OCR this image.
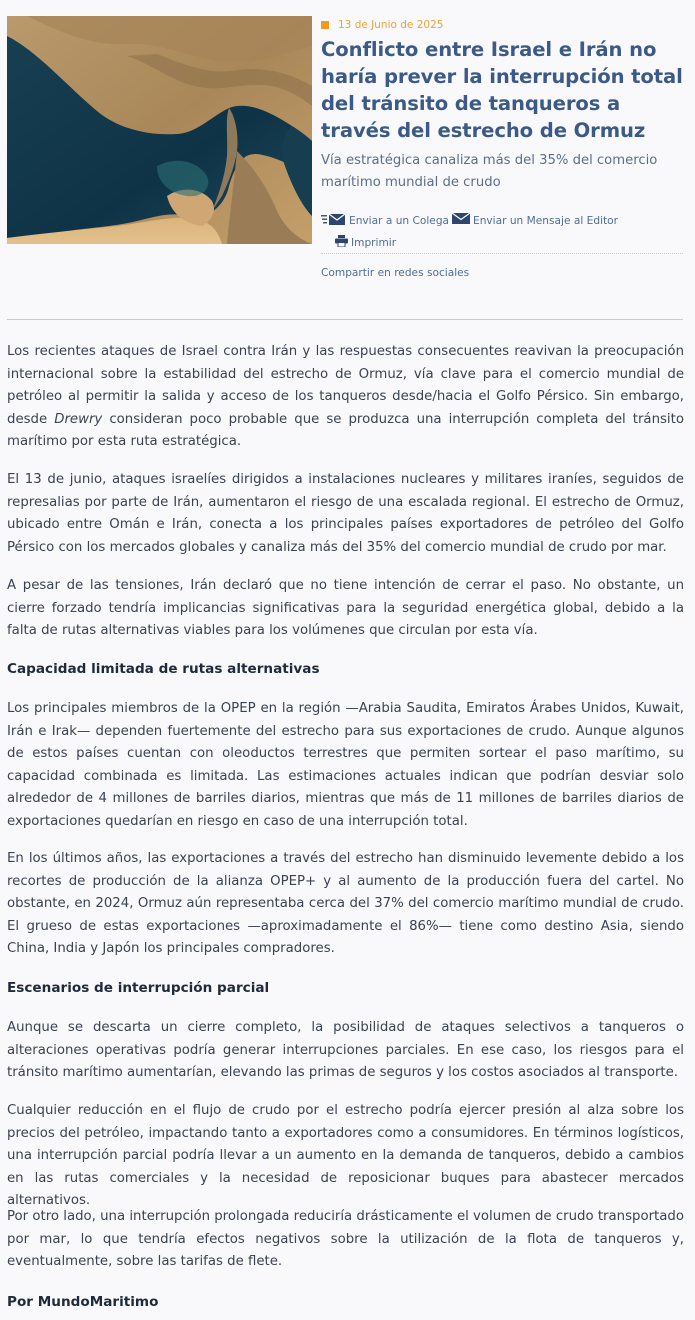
13 de Junio de 2025
Conflicto entre Israel e Irán no haría prever la interrupción total del tránsito de tanqueros a través del estrecho de Ormuz

Vía estratégica canaliza más del 35% del comercio marítimo mundial de crudo

Enviar a un Colega Enviar un Mensaje al Editor
Imprimir
Compartir en redes sociales

Los recientes ataques de Israel contra Irán y las respuestas consecuentes reavivan la preocupación internacional sobre la estabilidad del estrecho de Ormuz, vía clave para el comercio mundial de petróleo al permitir la salida y acceso de los tanqueros desde/hacia el Golfo Pérsico. Sin embargo, desde Drewry consideran poco probable que se produzca una interrupción completa del tránsito marítimo por esta ruta estratégica.

El 13 de junio, ataques israelíes dirigidos a instalaciones nucleares y militares iraníes, seguidos de represalias por parte de Irán, aumentaron el riesgo de una escalada regional. El estrecho de Ormuz, ubicado entre Omán e Irán, conecta a los principales países exportadores de petróleo del Golfo Pérsico con los mercados globales y canaliza más del 35% del comercio mundial de crudo por mar.

A pesar de las tensiones, Irán declaró que no tiene intención de cerrar el paso. No obstante, un cierre forzado tendría implicancias significativas para la seguridad energética global, debido a la falta de rutas alternativas viables para los volúmenes que circulan por esta vía.

Capacidad limitada de rutas alternativas

Los principales miembros de la OPEP en la región —Arabia Saudita, Emiratos Árabes Unidos, Kuwait, Irán e Irak— dependen fuertemente del estrecho para sus exportaciones de crudo. Aunque algunos de estos países cuentan con oleoductos terrestres que permiten sortear el paso marítimo, su capacidad combinada es limitada. Las estimaciones actuales indican que podrían desviar solo alrededor de 4 millones de barriles diarios, mientras que más de 11 millones de barriles diarios de exportaciones quedarían en riesgo en caso de una interrupción total.

En los últimos años, las exportaciones a través del estrecho han disminuido levemente debido a los recortes de producción de la alianza OPEP+ y al aumento de la producción fuera del cartel. No obstante, en 2024, Ormuz aún representaba cerca del 37% del comercio marítimo mundial de crudo. El grueso de estas exportaciones —aproximadamente el 86%— tiene como destino Asia, siendo China, India y Japón los principales compradores.

Escenarios de interrupción parcial

Aunque se descarta un cierre completo, la posibilidad de ataques selectivos a tanqueros o alteraciones operativas podría generar interrupciones parciales. En ese caso, los riesgos para el tránsito marítimo aumentarían, elevando las primas de seguros y los costos asociados al transporte.

Cualquier reducción en el flujo de crudo por el estrecho podría ejercer presión al alza sobre los precios del petróleo, impactando tanto a exportadores como a consumidores. En términos logísticos, una interrupción parcial podría llevar a un aumento en la demanda de tanqueros, debido a cambios en las rutas comerciales y la necesidad de reposicionar buques para abastecer mercados alternativos.

Por otro lado, una interrupción prolongada reduciría drásticamente el volumen de crudo transportado por mar, lo que tendría efectos negativos sobre la utilización de la flota de tanqueros y, eventualmente, sobre las tarifas de flete.

Por MundoMaritimo
